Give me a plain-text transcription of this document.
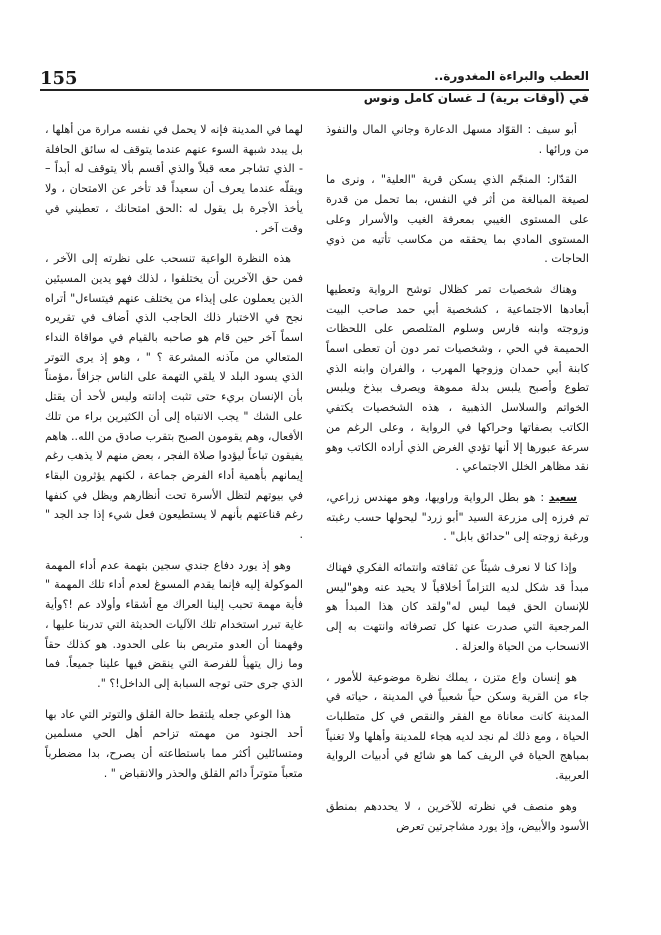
155	العطب والبراءة المغدورة..
في (أوقات برية) لـ غسان كامل ونوس

أبو سيف : القوّاد مسهل الدعارة وجاني المال والنفوذ من ورائها .

القدّار: المنجّم الذي يسكن قرية "العلية" ، ونرى ما لصيغة المبالغة من أثر في النفس، بما تحمل من قدرة على المستوى الغيبي بمعرفة الغيب والأسرار وعلى المستوى المادي بما يحققه من مكاسب تأتيه من ذوي الحاجات .

وهناك شخصيات تمر كظلال توشح الرواية وتعطيها أبعادها الاجتماعية ، كشخصية أبي حمد صاحب البيت وزوجته وابنه فارس وسلوم المتلصص على اللحظات الحميمة في الحي ، وشخصيات تمر دون أن تعطى اسماً كابنة أبي حمدان وزوجها المهرب ، والفران وابنه الذي تطوع وأصبح يلبس بدلة مموهة ويصرف ببذخ ويلبس الخواتم والسلاسل الذهبية ، هذه الشخصيات يكتفي الكاتب بصفاتها وحراكها في الرواية ، وعلى الرغم من سرعة عبورها إلا أنها تؤدي الغرض الذي أراده الكاتب وهو نقد مظاهر الخلل الاجتماعي .

سعيد : هو بطل الرواية وراويها، وهو مهندس زراعي، تم فرزه إلى مزرعة السيد "أبو زرد" ليحولها حسب رغبته ورغبة زوجته إلى "حدائق بابل" .

وإذا كنا لا نعرف شيئاً عن ثقافته وانتمائه الفكري فهناك مبدأ قد شكل لديه التزاماً أخلاقياً لا يحيد عنه وهو"ليس للإنسان الحق فيما ليس له"ولقد كان هذا المبدأ هو المرجعية التي صدرت عنها كل تصرفاته وانتهت به إلى الانسحاب من الحياة والعزلة .

هو إنسان واع متزن ، يملك نظرة موضوعية للأمور ، جاء من القرية وسكن حياً شعبياً في المدينة ، حياته في المدينة كانت معاناة مع الفقر والنقص في كل متطلبات الحياة ، ومع ذلك لم نجد لديه هجاء للمدينة وأهلها ولا تغنياً بمباهج الحياة في الريف كما هو شائع في أدبيات الرواية العربية.

وهو منصف في نظرته للآخرين ، لا يحددهم بمنطق الأسود والأبيض، وإذ يورد مشاجرتين تعرض

لهما في المدينة فإنه لا يحمل في نفسه مرارة من أهلها ، بل يبدد شبهة السوء عنهم عندما يتوقف له سائق الحافلة - الذي تشاجر معه قبلاً والذي أقسم بألا يتوقف له أبداً – ويقلّه عندما يعرف أن سعيداً قد تأخر عن الامتحان ، ولا يأخذ الأجرة بل يقول له :الحق امتحانك ، تعطيني في وقت آخر .

هذه النظرة الواعية تنسحب على نظرته إلى الآخر ، فمن حق الآخرين أن يختلفوا ، لذلك فهو يدين المسيئين الذين يعملون على إيذاء من يختلف عنهم فيتساءل" أتراه نجح في الاختبار ذلك الحاجب الذي أضاف في تقريره اسماً آخر حين قام هو صاحبه بالقيام في مواقاة النداء المتعالي من مآذنه المشرعة ؟ " ، وهو إذ يرى التوتر الذي يسود البلد لا يلقي التهمة على الناس جزافاً ،مؤمناً بأن الإنسان بريء حتى تثبت إدانته وليس لأحد أن يقتل على الشك " يجب الانتباه إلى أن الكثيرين براء من تلك الأفعال، وهم يقومون الصبح بتقرب صادق من الله.. هاهم يفيقون تباعاً ليؤدوا صلاة الفجر ، بعض منهم لا يذهب رغم إيمانهم بأهمية أداء الفرض جماعة ، لكنهم يؤثرون البقاء في بيوتهم لتظل الأسرة تحت أنظارهم ويظل في كنفها رغم قناعتهم بأنهم لا يستطيعون فعل شيء إذا جد الجد " .

وهو إذ يورد دفاع جندي سجين بتهمة عدم أداء المهمة الموكولة إليه فإنما يقدم المسوغ لعدم أداء تلك المهمة " فأية مهمة تحبب إلينا العراك مع أشقاء وأولاد عم !؟وأية غاية تبرر استخدام تلك الآليات الحديثة التي تدربنا عليها ، وفهمنا أن العدو متربص بنا على الحدود. هو كذلك حقاً وما زال يتهيأ للفرصة التي ينقض فيها علينا جميعاً. فما الذي جرى حتى توجه السبابة إلى الداخل!؟ ".

هذا الوعي جعله يلتقط حالة القلق والتوتر التي عاد بها أحد الجنود من مهمته تزاحم أهل الحي مسلمين ومتسائلين أكثر مما باستطاعته أن يصرح، بدا مضطرباً متعباً متوتراً دائم القلق والحذر والانقباض " .
